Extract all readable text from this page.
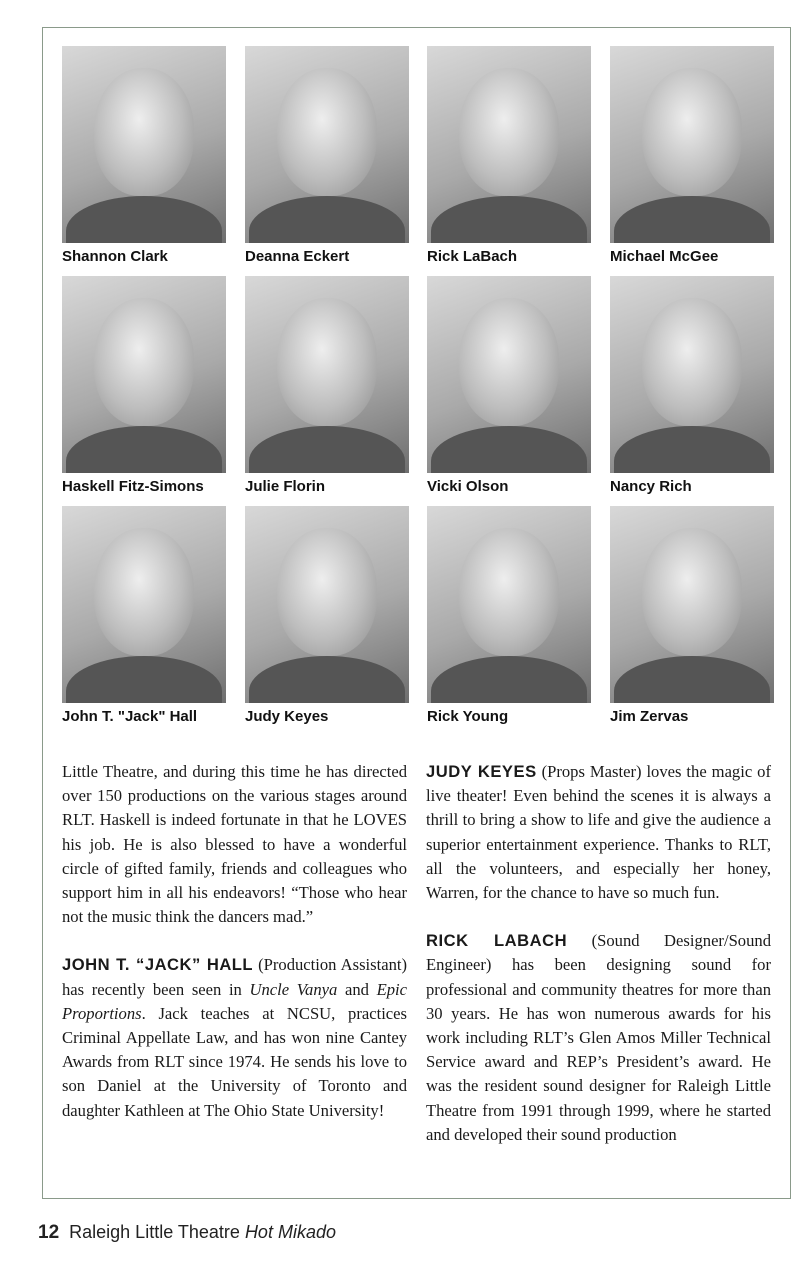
Shannon Clark	Deanna Eckert	Rick LaBach	Michael McGee
Haskell Fitz-Simons	Julie Florin	Vicki Olson	Nancy Rich
John T. "Jack" Hall	Judy Keyes	Rick Young	Jim Zervas

Little Theatre, and during this time he has directed over 150 productions on the various stages around RLT. Haskell is indeed fortunate in that he LOVES his job. He is also blessed to have a wonderful circle of gifted family, friends and colleagues who support him in all his endeavors! “Those who hear not the music think the dancers mad.”

JOHN T. “JACK” HALL (Production Assistant) has recently been seen in Uncle Vanya and Epic Proportions. Jack teaches at NCSU, practices Criminal Appellate Law, and has won nine Cantey Awards from RLT since 1974. He sends his love to son Daniel at the University of Toronto and daughter Kathleen at The Ohio State University!

JUDY KEYES (Props Master) loves the magic of live theater! Even behind the scenes it is always a thrill to bring a show to life and give the audience a superior entertainment experience. Thanks to RLT, all the volunteers, and especially her honey, Warren, for the chance to have so much fun.

RICK LABACH (Sound Designer/Sound Engineer) has been designing sound for professional and community theatres for more than 30 years. He has won numerous awards for his work including RLT’s Glen Amos Miller Technical Service award and REP’s President’s award. He was the resident sound designer for Raleigh Little Theatre from 1991 through 1999, where he started and developed their sound production

12 Raleigh Little Theatre Hot Mikado
